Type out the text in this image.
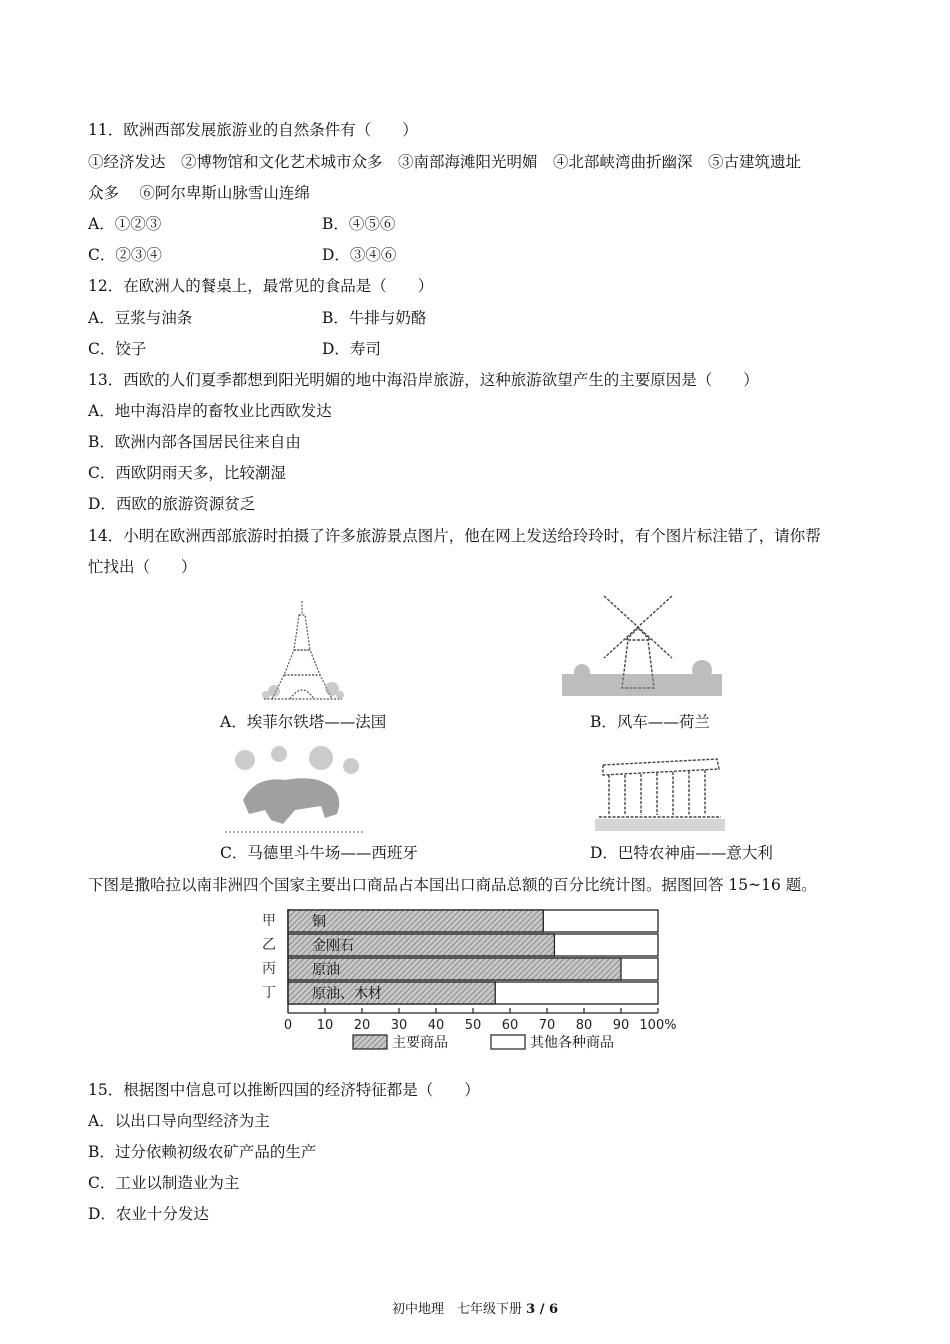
11．欧洲西部发展旅游业的自然条件有（　　）
①经济发达　②博物馆和文化艺术城市众多　③南部海滩阳光明媚　④北部峡湾曲折幽深　⑤古建筑遗址
众多　 ⑥阿尔卑斯山脉雪山连绵
A．①②③	B．④⑤⑥
C．②③④	D．③④⑥
12．在欧洲人的餐桌上，最常见的食品是（　　）
A．豆浆与油条	B．牛排与奶酪
C．饺子	D．寿司
13．西欧的人们夏季都想到阳光明媚的地中海沿岸旅游，这种旅游欲望产生的主要原因是（　　）
A．地中海沿岸的畜牧业比西欧发达
B．欧洲内部各国居民往来自由
C．西欧阴雨天多，比较潮湿
D．西欧的旅游资源贫乏
14．小明在欧洲西部旅游时拍摄了许多旅游景点图片，他在网上发送给玲玲时，有个图片标注错了，请你帮
忙找出（　　）
A．埃菲尔铁塔——法国	B．风车——荷兰
C．马德里斗牛场——西班牙	D．巴特农神庙——意大利
下图是撒哈拉以南非洲四个国家主要出口商品占本国出口商品总额的百分比统计图。据图回答 15~16 题。
甲	铜
乙	金刚石
丙	原油
丁	原油、木材
0 10 20 30 40 50 60 70 80 90 100%
主要商品	其他各种商品
15．根据图中信息可以推断四国的经济特征都是（　　）
A．以出口导向型经济为主
B．过分依赖初级农矿产品的生产
C．工业以制造业为主
D．农业十分发达
初中地理　七年级下册 3 / 6
